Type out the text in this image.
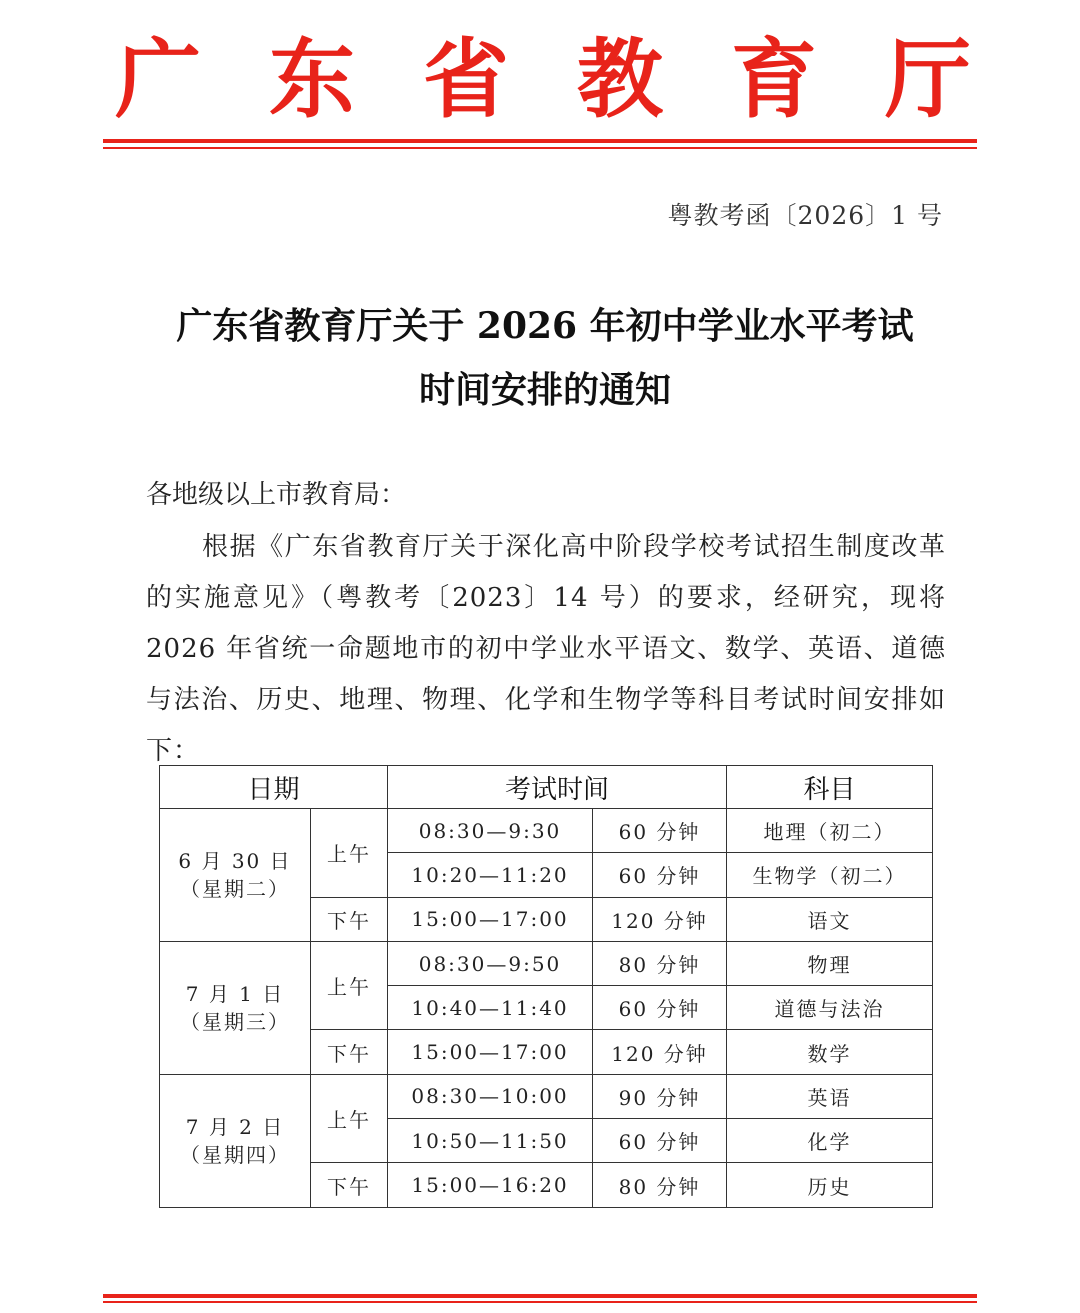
广 东 省 教 育 厅
粤教考函〔2026〕1 号
广东省教育厅关于 2026 年初中学业水平考试
时间安排的通知
各地级以上市教育局：
根据《广东省教育厅关于深化高中阶段学校考试招生制度改革的实施意见》（粤教考〔2023〕14 号）的要求，经研究，现将 2026 年省统一命题地市的初中学业水平语文、数学、英语、道德与法治、历史、地理、物理、化学和生物学等科目考试时间安排如下：
日期		考试时间		科目

6 月 30 日
（星期二）	上午	08:30—9:30	60 分钟	地理（初二）
		10:20—11:20	60 分钟	生物学（初二）
	下午	15:00—17:00	120 分钟	语文

7 月 1 日
（星期三）	上午	08:30—9:50	80 分钟	物理
		10:40—11:40	60 分钟	道德与法治
	下午	15:00—17:00	120 分钟	数学

7 月 2 日
（星期四）	上午	08:30—10:00	90 分钟	英语
		10:50—11:50	60 分钟	化学
	下午	15:00—16:20	80 分钟	历史
